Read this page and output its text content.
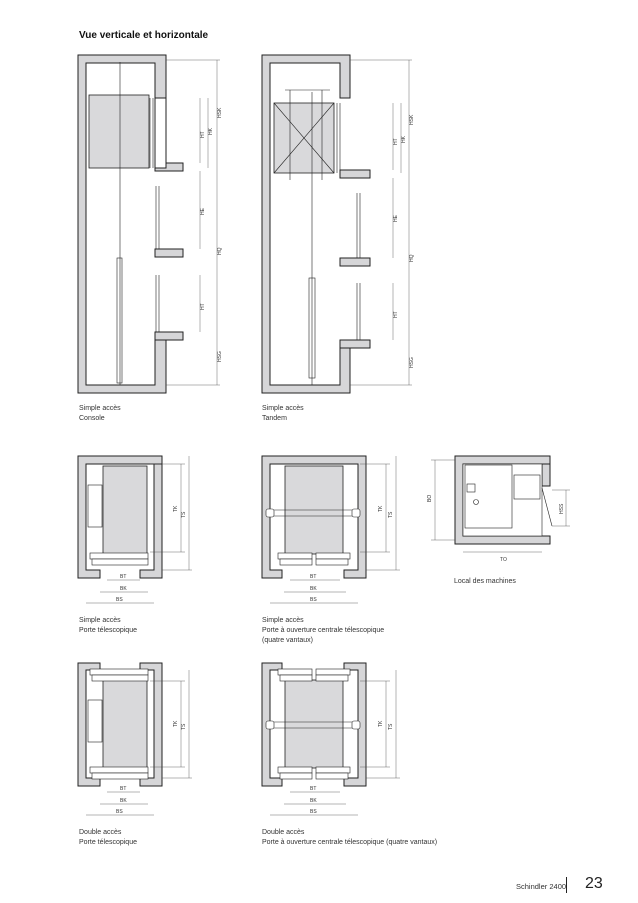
Vue verticale et horizontale
HSK
HK
HT
HE
HQ
HT
HSG
HSK
HK
HT
HE
HQ
HT
HSG
TK
TS
BT
BK
BS
TK
TS
BT
BK
BS
BO
TO
HSS
TK TS
BT
BK
BS
TK TS
BT
BK
BS
Simple accès
Console
Simple accès
Tandem
Local des machines
Simple accès
Porte télescopique
Simple accès
Porte à ouverture centrale télescopique
(quatre vantaux)
Double accès
Porte télescopique
Double accès
Porte à ouverture centrale télescopique (quatre vantaux)
Schindler 2400 23
